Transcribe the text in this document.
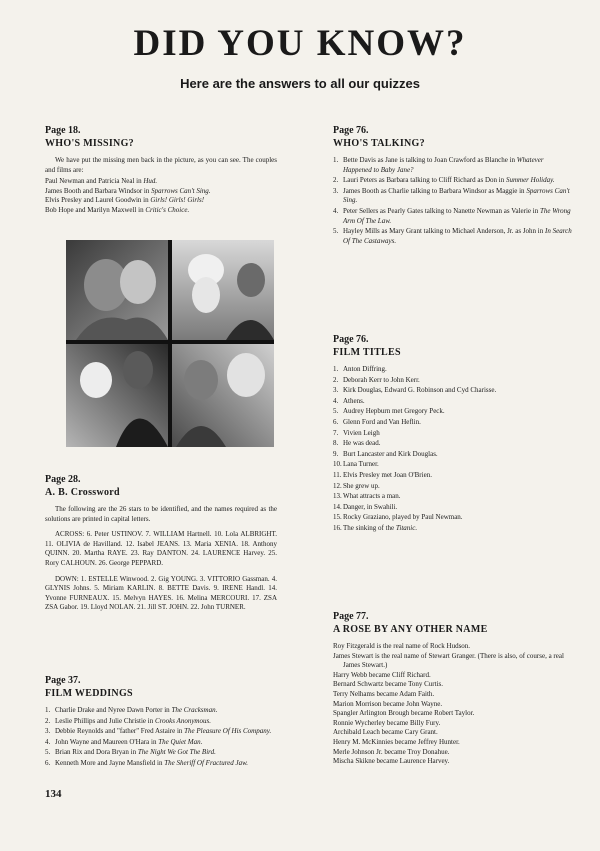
DID YOU KNOW?
Here are the answers to all our quizzes
Page 18.
WHO'S MISSING?

We have put the missing men back in the picture, as you can see. The couples and films are:

Paul Newman and Patricia Neal in Hud.

James Booth and Barbara Windsor in Sparrows Can't Sing.

Elvis Presley and Laurel Goodwin in Girls! Girls! Girls!

Bob Hope and Marilyn Maxwell in Critic's Choice.

Page 28.
A. B. Crossword

The following are the 26 stars to be identified, and the names required as the solutions are printed in capital letters.

ACROSS: 6. Peter USTINOV. 7. WILLIAM Hartnell. 10. Lola ALBRIGHT. 11. OLIVIA de Havilland. 12. Isabel JEANS. 13. Maria XENIA. 18. Anthony QUINN. 20. Martha RAYE. 23. Ray DANTON. 24. LAURENCE Harvey. 25. Rory CALHOUN. 26. George PEPPARD.

DOWN: 1. ESTELLE Winwood. 2. Gig YOUNG. 3. VITTORIO Gassman. 4. GLYNIS Johns. 5. Miriam KARLIN. 8. BETTE Davis. 9. IRENE Handl. 14. Yvonne FURNEAUX. 15. Melvyn HAYES. 16. Melina MERCOURI. 17. ZSA ZSA Gabor. 19. Lloyd NOLAN. 21. Jill ST. JOHN. 22. John TURNER.

Page 37.
FILM WEDDINGS
1. Charlie Drake and Nyree Dawn Porter in The Cracksman.
2. Leslie Phillips and Julie Christie in Crooks Anonymous.
3. Debbie Reynolds and "father" Fred Astaire in The Pleasure Of His Company.
4. John Wayne and Maureen O'Hara in The Quiet Man.
5. Brian Rix and Dora Bryan in The Night We Got The Bird.
6. Kenneth More and Jayne Mansfield in The Sheriff Of Fractured Jaw.
134
Page 76.
WHO'S TALKING?
1. Bette Davis as Jane is talking to Joan Crawford as Blanche in Whatever Happened to Baby Jane?
2. Lauri Peters as Barbara talking to Cliff Richard as Don in Summer Holiday.
3. James Booth as Charlie talking to Barbara Windsor as Maggie in Sparrows Can't Sing.
4. Peter Sellers as Pearly Gates talking to Nanette Newman as Valerie in The Wrong Arm Of The Law.
5. Hayley Mills as Mary Grant talking to Michael Anderson, Jr. as John in In Search Of The Castaways.
Page 76.
FILM TITLES
1. Anton Diffring.
2. Deborah Kerr to John Kerr.
3. Kirk Douglas, Edward G. Robinson and Cyd Charisse.
4. Athens.
5. Audrey Hepburn met Gregory Peck.
6. Glenn Ford and Van Heflin.
7. Vivien Leigh
8. He was dead.
9. Burt Lancaster and Kirk Douglas.
10.Lana Turner.
11. Elvis Presley met Joan O'Brien.
12.She grew up.
13.What attracts a man.
14.Danger, in Swahili.
15.Rocky Graziano, played by Paul Newman.
16.The sinking of the Titanic.
Page 77.
A ROSE BY ANY OTHER NAME

Roy Fitzgerald is the real name of Rock Hudson.

James Stewart is the real name of Stewart Granger. (There is also, of course, a real James Stewart.)

Harry Webb became Cliff Richard.

Bernard Schwartz became Tony Curtis.

Terry Nelhams became Adam Faith.

Marion Morrison became John Wayne.

Spangler Arlington Brough became Robert Taylor.

Ronnie Wycherley became Billy Fury.

Archibald Leach became Cary Grant.

Henry M. McKinnies became Jeffrey Hunter.

Merle Johnson Jr. became Troy Donahue.

Mischa Skikne became Laurence Harvey.
